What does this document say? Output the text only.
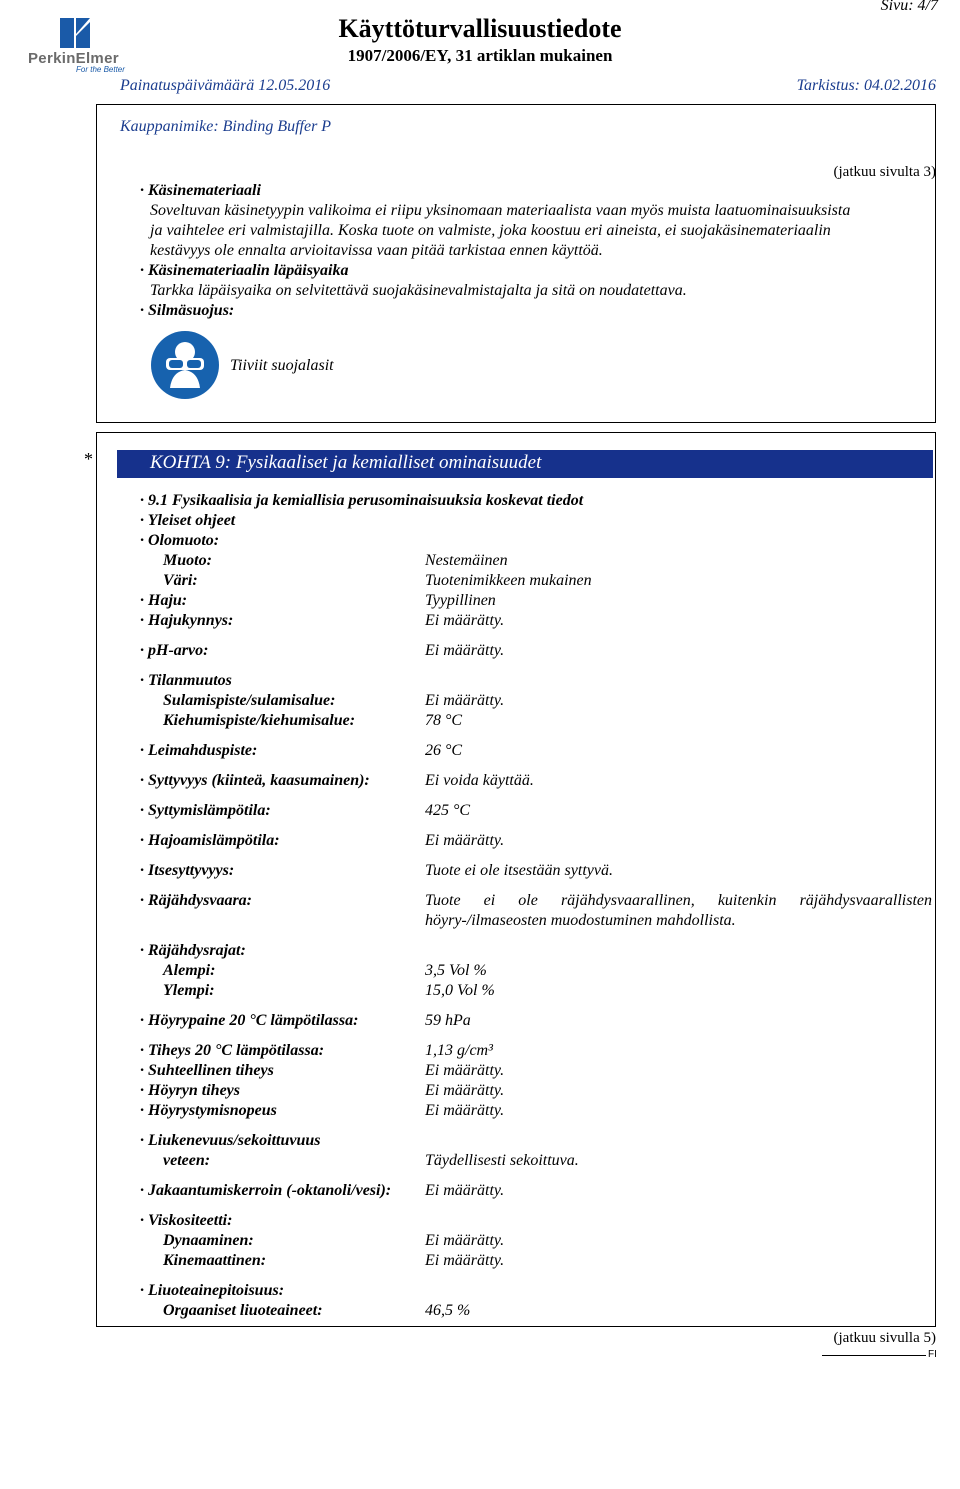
PerkinElmer
For the Better
Käyttöturvallisuustiedote
1907/2006/EY, 31 artiklan mukainen
Sivu: 4/7
Painatuspäivämäärä 12.05.2016	Tarkistus: 04.02.2016
Kauppanimike: Binding Buffer P
(jatkuu sivulta 3)
· Käsinemateriaali
Soveltuvan käsinetyypin valikoima ei riipu yksinomaan materiaalista vaan myös muista laatuominaisuuksista
ja vaihtelee eri valmistajilla. Koska tuote on valmiste, joka koostuu eri aineista, ei suojakäsinemateriaalin
kestävyys ole ennalta arvioitavissa vaan pitää tarkistaa ennen käyttöä.
· Käsinemateriaalin läpäisyaika
Tarkka läpäisyaika on selvitettävä suojakäsinevalmistajalta ja sitä on noudatettava.
· Silmäsuojus:
Tiiviit suojalasit
*	KOHTA 9: Fysikaaliset ja kemialliset ominaisuudet
· 9.1 Fysikaalisia ja kemiallisia perusominaisuuksia koskevat tiedot
· Yleiset ohjeet
· Olomuoto:
Muoto:	Nestemäinen
Väri:	Tuotenimikkeen mukainen
· Haju:	Tyypillinen
· Hajukynnys:	Ei määrätty.
· pH-arvo:	Ei määrätty.
· Tilanmuutos
Sulamispiste/sulamisalue:	Ei määrätty.
Kiehumispiste/kiehumisalue:	78 °C
· Leimahduspiste:	26 °C
· Syttyvyys (kiinteä, kaasumainen):	Ei voida käyttää.
· Syttymislämpötila:	425 °C
· Hajoamislämpötila:	Ei määrätty.
· Itsesyttyvyys:	Tuote ei ole itsestään syttyvä.
· Räjähdysvaara:	Tuote ei ole räjähdysvaarallinen, kuitenkin räjähdysvaarallisten
höyry-/ilmaseosten muodostuminen mahdollista.
· Räjähdysrajat:
Alempi:	3,5 Vol %
Ylempi:	15,0 Vol %
· Höyrypaine 20 °C lämpötilassa:	59 hPa
· Tiheys 20 °C lämpötilassa:	1,13 g/cm³
· Suhteellinen tiheys	Ei määrätty.
· Höyryn tiheys	Ei määrätty.
· Höyrystymisnopeus	Ei määrätty.
· Liukenevuus/sekoittuvuus
veteen:	Täydellisesti sekoittuva.
· Jakaantumiskerroin (-oktanoli/vesi): Ei määrätty.
· Viskositeetti:
Dynaaminen:	Ei määrätty.
Kinemaattinen:	Ei määrätty.
· Liuoteainepitoisuus:
Orgaaniset liuoteaineet:	46,5 %
(jatkuu sivulla 5)
FI
